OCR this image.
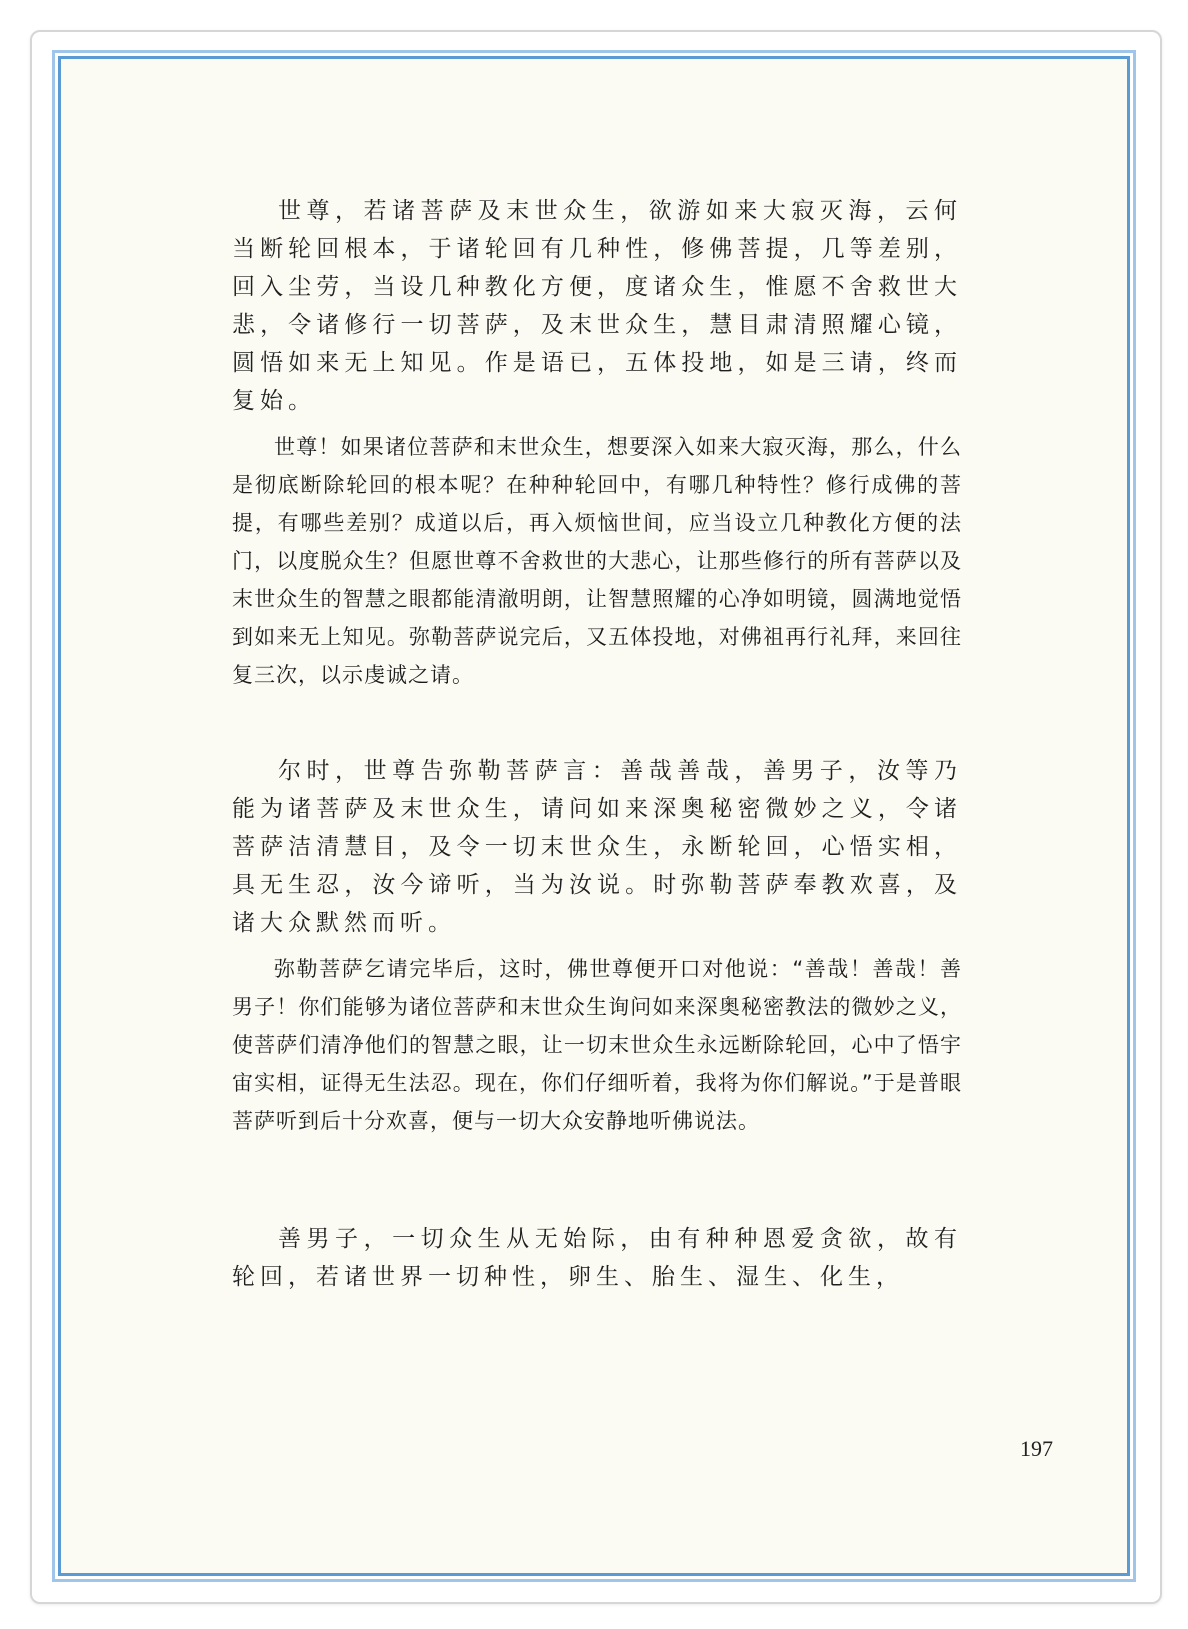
世尊，若诸菩萨及末世众生，欲游如来大寂灭海，云何当断轮回根本，于诸轮回有几种性，修佛菩提，几等差别，回入尘劳，当设几种教化方便，度诸众生，惟愿不舍救世大悲，令诸修行一切菩萨，及末世众生，慧目肃清照耀心镜，圆悟如来无上知见。作是语已，五体投地，如是三请，终而复始。

世尊！如果诸位菩萨和末世众生，想要深入如来大寂灭海，那么，什么是彻底断除轮回的根本呢？在种种轮回中，有哪几种特性？修行成佛的菩提，有哪些差别？成道以后，再入烦恼世间，应当设立几种教化方便的法门，以度脱众生？但愿世尊不舍救世的大悲心，让那些修行的所有菩萨以及末世众生的智慧之眼都能清澈明朗，让智慧照耀的心净如明镜，圆满地觉悟到如来无上知见。弥勒菩萨说完后，又五体投地，对佛祖再行礼拜，来回往复三次，以示虔诚之请。

尔时，世尊告弥勒菩萨言：善哉善哉，善男子，汝等乃能为诸菩萨及末世众生，请问如来深奥秘密微妙之义，令诸菩萨洁清慧目，及令一切末世众生，永断轮回，心悟实相，具无生忍，汝今谛听，当为汝说。时弥勒菩萨奉教欢喜，及诸大众默然而听。

弥勒菩萨乞请完毕后，这时，佛世尊便开口对他说：“善哉！善哉！善男子！你们能够为诸位菩萨和末世众生询问如来深奥秘密教法的微妙之义，使菩萨们清净他们的智慧之眼，让一切末世众生永远断除轮回，心中了悟宇宙实相，证得无生法忍。现在，你们仔细听着，我将为你们解说。”于是普眼菩萨听到后十分欢喜，便与一切大众安静地听佛说法。

善男子，一切众生从无始际，由有种种恩爱贪欲，故有轮回，若诸世界一切种性，卵生、胎生、湿生、化生，

197
